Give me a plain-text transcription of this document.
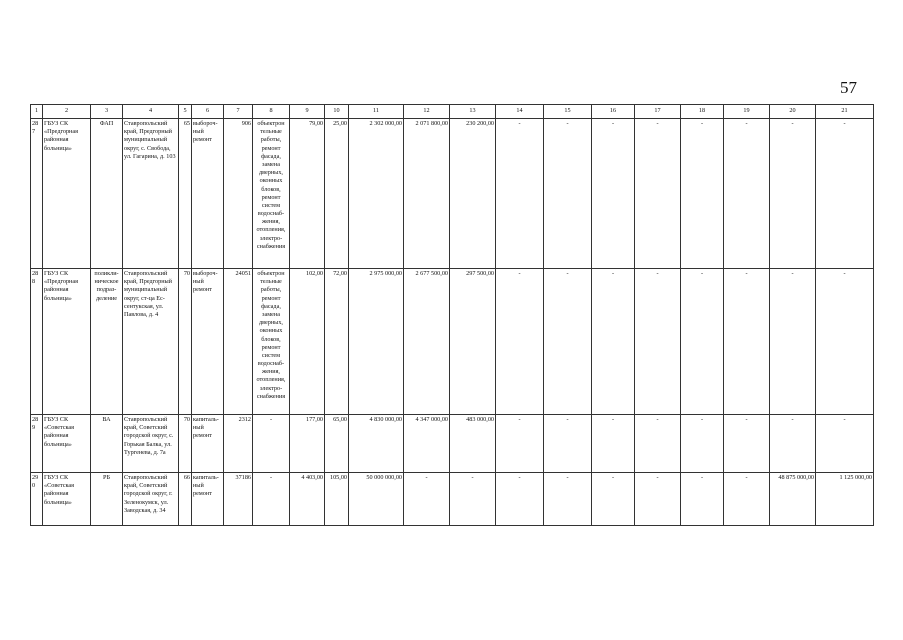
57
1	2	3	4	5	6	7	8	9	10	11	12	13	14	15	16	17	18	19	20	21
287	ГБУЗ СК «Предгорная районная больница»	ФАП	Ставропольский край, Предгорный муниципальный округ, с. Свобода, ул. Гагарина, д. 103	65	выбороч-ный ремонт	906	объектрон тельные работы, ремонт фасада, замена дверных, оконных блоков, ремонт систем водоснаб-жения, отопления, электро-снабжения	79,00	25,00	2 302 000,00	2 071 800,00	230 200,00	-	-	-	-	-	-	-	-
288	ГБУЗ СК «Предгорная районная больница»	поликли-ническое подраз-деление	Ставропольский край, Предгорный муниципальный округ, ст-ца Ес-сентукская, ул. Павлова, д. 4	70	выбороч-ный ремонт	24051	объектрон тельные работы, ремонт фасада, замена дверных, оконных блоков, ремонт систем водоснаб-жения, отопления, электро-снабжения	102,00	72,00	2 975 000,00	2 677 500,00	297 500,00	-	-	-	-	-	-	-	-
289	ГБУЗ СК «Советская районная больница»	ВА	Ставропольский край, Советский городской округ, с. Горькая Балка, ул. Тургенева, д. 7а	70	капиталь-ный ремонт	2312	-	177,00	65,00	4 830 000,00	4 347 000,00	483 000,00	-	-	-	-	-	-	-	-
290	ГБУЗ СК «Советская районная больница»	РБ	Ставропольский край, Советский городской округ, г. Зеленокумск, ул. Заводская, д. 34	66	капиталь-ный ремонт	37186	-	4 403,00	105,00	50 000 000,00	-	-	-	-	-	-	-	-	48 875 000,00	1 125 000,00
